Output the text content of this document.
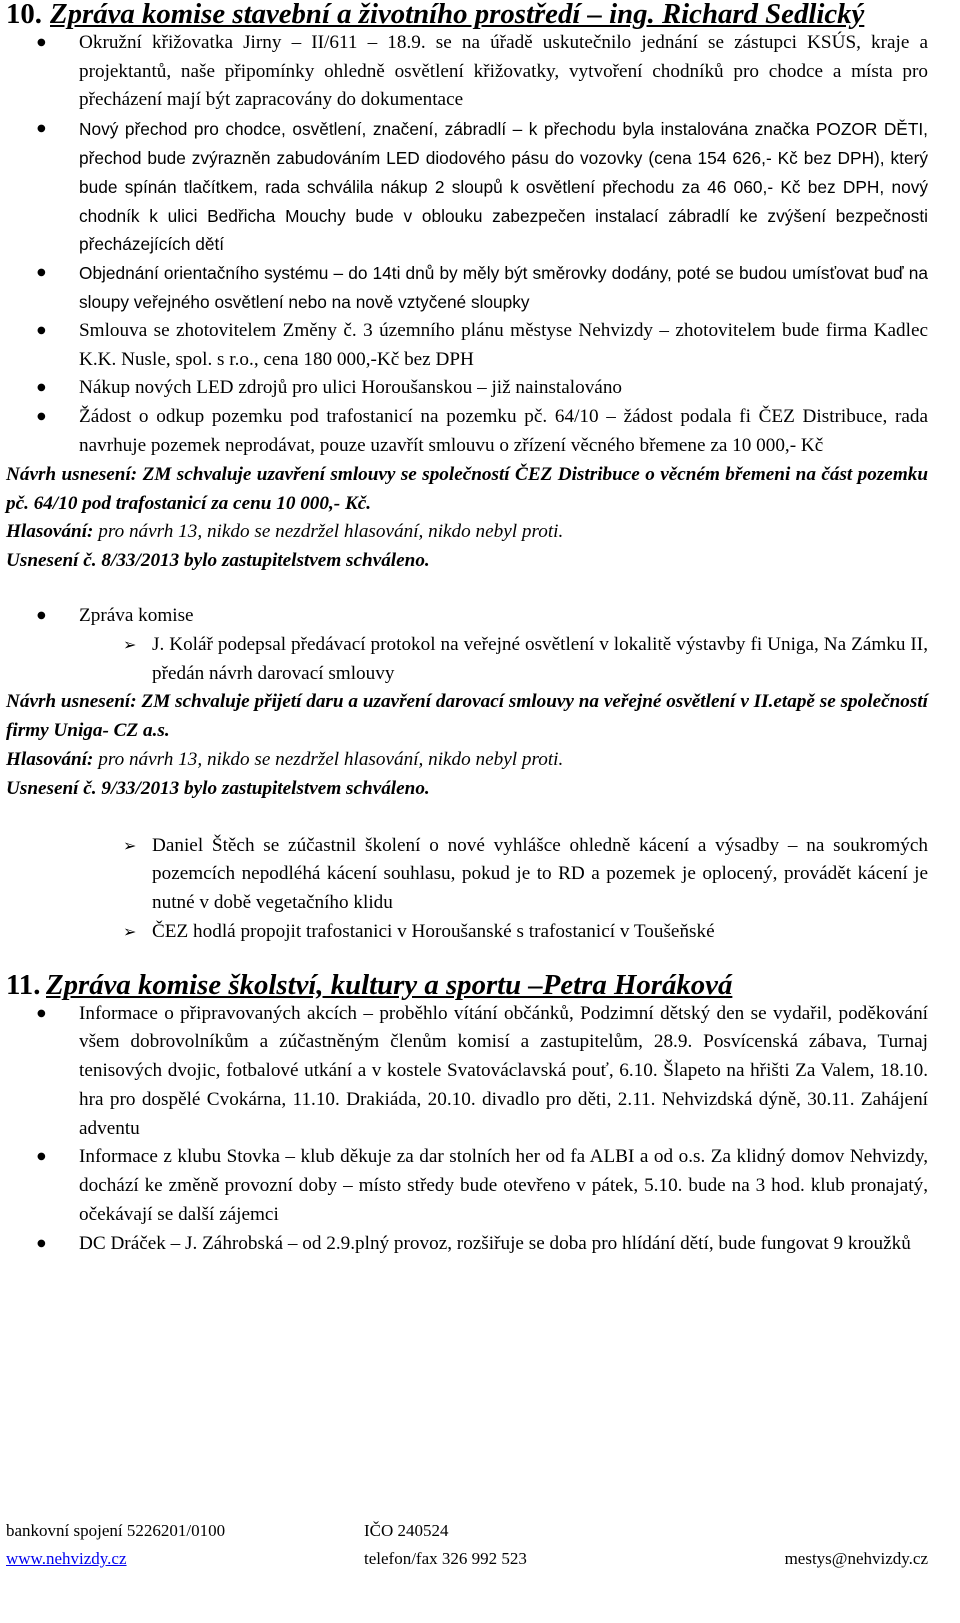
10. Zpráva komise stavební a životního prostředí – ing. Richard Sedlický
● Okružní křižovatka Jirny – II/611 – 18.9. se na úřadě uskutečnilo jednání se zástupci KSÚS, kraje a projektantů, naše připomínky ohledně osvětlení křižovatky, vytvoření chodníků pro chodce a místa pro přecházení mají být zapracovány do dokumentace
● Nový přechod pro chodce, osvětlení, značení, zábradlí – k přechodu byla instalována značka POZOR DĚTI, přechod bude zvýrazněn zabudováním LED diodového pásu do vozovky (cena 154 626,- Kč bez DPH), který bude spínán tlačítkem, rada schválila nákup 2 sloupů k osvětlení přechodu za 46 060,- Kč bez DPH, nový chodník k ulici Bedřicha Mouchy bude v oblouku zabezpečen instalací zábradlí ke zvýšení bezpečnosti přecházejících dětí
● Objednání orientačního systému – do 14ti dnů by měly být směrovky dodány, poté se budou umísťovat buď na sloupy veřejného osvětlení nebo na nově vztyčené sloupky
● Smlouva se zhotovitelem Změny č. 3 územního plánu městyse Nehvizdy – zhotovitelem bude firma Kadlec K.K. Nusle, spol. s r.o., cena 180 000,-Kč bez DPH
● Nákup nových LED zdrojů pro ulici Horoušanskou – již nainstalováno
● Žádost o odkup pozemku pod trafostanicí na pozemku pč. 64/10 – žádost podala fi ČEZ Distribuce, rada navrhuje pozemek neprodávat, pouze uzavřít smlouvu o zřízení věcného břemene za 10 000,- Kč

Návrh usnesení: ZM schvaluje uzavření smlouvy se společností ČEZ Distribuce o věcném břemeni na část pozemku pč. 64/10 pod trafostanicí za cenu 10 000,- Kč.

Hlasování: pro návrh 13, nikdo se nezdržel hlasování, nikdo nebyl proti.

Usnesení č. 8/33/2013 bylo zastupitelstvem schváleno.

● Zpráva komise
➢ J. Kolář podepsal předávací protokol na veřejné osvětlení v lokalitě výstavby fi Uniga, Na Zámku II, předán návrh darovací smlouvy

Návrh usnesení: ZM schvaluje přijetí daru a uzavření darovací smlouvy na veřejné osvětlení v II.etapě se společností firmy Uniga- CZ a.s.

Hlasování: pro návrh 13, nikdo se nezdržel hlasování, nikdo nebyl proti.

Usnesení č. 9/33/2013 bylo zastupitelstvem schváleno.

➢ Daniel Štěch se zúčastnil školení o nové vyhlášce ohledně kácení a výsadby – na soukromých pozemcích nepodléhá kácení souhlasu, pokud je to RD a pozemek je oplocený, provádět kácení je nutné v době vegetačního klidu
➢ ČEZ hodlá propojit trafostanici v Horoušanské s trafostanicí v Toušeňské
11. Zpráva komise školství, kultury a sportu –Petra Horáková
● Informace o připravovaných akcích – proběhlo vítání občánků, Podzimní dětský den se vydařil, poděkování všem dobrovolníkům a zúčastněným členům komisí a zastupitelům, 28.9. Posvícenská zábava, Turnaj tenisových dvojic, fotbalové utkání a v kostele Svatováclavská pouť, 6.10. Šlapeto na hřišti Za Valem, 18.10. hra pro dospělé Cvokárna, 11.10. Drakiáda, 20.10. divadlo pro děti, 2.11. Nehvizdská dýně, 30.11. Zahájení adventu
● Informace z klubu Stovka – klub děkuje za dar stolních her od fa ALBI a od o.s. Za klidný domov Nehvizdy, dochází ke změně provozní doby – místo středy bude otevřeno v pátek, 5.10. bude na 3 hod. klub pronajatý, očekávají se další zájemci
● DC Dráček – J. Záhrobská – od 2.9.plný provoz, rozšiřuje se doba pro hlídání dětí, bude fungovat 9 kroužků
bankovní spojení 5226201/0100	IČO 240524
www.nehvizdy.cz	telefon/fax 326 992 523	mestys@nehvizdy.cz
